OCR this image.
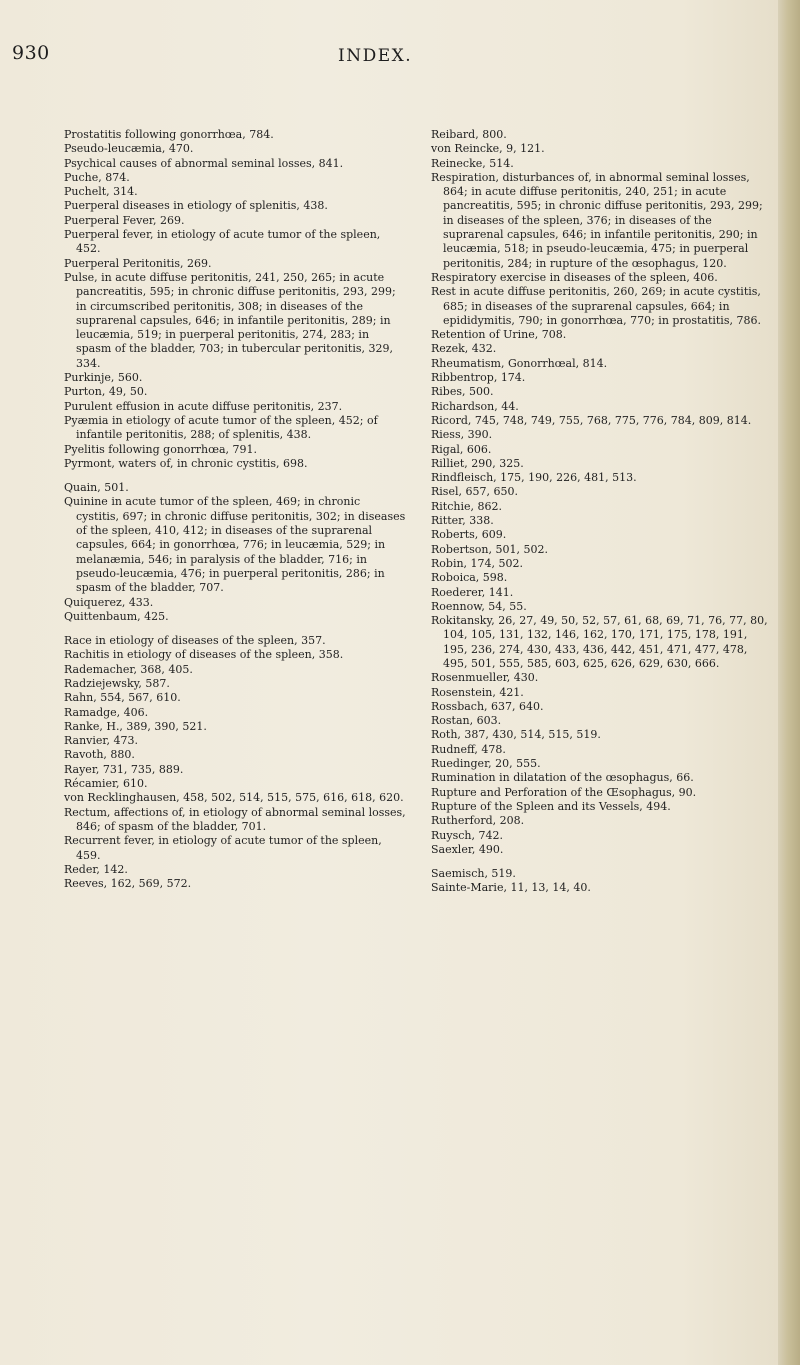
930	INDEX.
Prostatitis following gonorrhœa, 784.
Pseudo-leucæmia, 470.
Psychical causes of abnormal seminal losses, 841.
Puche, 874.
Puchelt, 314.
Puerperal diseases in etiology of splenitis, 438.
Puerperal Fever, 269.
Puerperal fever, in etiology of acute tumor of the spleen, 452.
Puerperal Peritonitis, 269.
Pulse, in acute diffuse peritonitis, 241, 250, 265; in acute pancreatitis, 595; in chronic diffuse peritonitis, 293, 299; in circumscribed peritonitis, 308; in diseases of the suprarenal capsules, 646; in infantile peritonitis, 289; in leucæmia, 519; in puerperal peritonitis, 274, 283; in spasm of the bladder, 703; in tubercular peritonitis, 329, 334.
Purkinje, 560.
Purton, 49, 50.
Purulent effusion in acute diffuse peritonitis, 237.
Pyæmia in etiology of acute tumor of the spleen, 452; of infantile peritonitis, 288; of splenitis, 438.
Pyelitis following gonorrhœa, 791.
Pyrmont, waters of, in chronic cystitis, 698.
Quain, 501.
Quinine in acute tumor of the spleen, 469; in chronic cystitis, 697; in chronic diffuse peritonitis, 302; in diseases of the spleen, 410, 412; in diseases of the suprarenal capsules, 664; in gonorrhœa, 776; in leucæmia, 529; in melanæmia, 546; in paralysis of the bladder, 716; in pseudo-leucæmia, 476; in puerperal peritonitis, 286; in spasm of the bladder, 707.
Quiquerez, 433.
Quittenbaum, 425.
Race in etiology of diseases of the spleen, 357.
Rachitis in etiology of diseases of the spleen, 358.
Rademacher, 368, 405.
Radziejewsky, 587.
Rahn, 554, 567, 610.
Ramadge, 406.
Ranke, H., 389, 390, 521.
Ranvier, 473.
Ravoth, 880.
Rayer, 731, 735, 889.
Récamier, 610.
von Recklinghausen, 458, 502, 514, 515, 575, 616, 618, 620.
Rectum, affections of, in etiology of abnormal seminal losses, 846; of spasm of the bladder, 701.
Recurrent fever, in etiology of acute tumor of the spleen, 459.
Reder, 142.
Reeves, 162, 569, 572.
Reibard, 800.
von Reincke, 9, 121.
Reinecke, 514.
Respiration, disturbances of, in abnormal seminal losses, 864; in acute diffuse peritonitis, 240, 251; in acute pancreatitis, 595; in chronic diffuse peritonitis, 293, 299; in diseases of the spleen, 376; in diseases of the suprarenal capsules, 646; in infantile peritonitis, 290; in leucæmia, 518; in pseudo-leucæmia, 475; in puerperal peritonitis, 284; in rupture of the œsophagus, 120.
Respiratory exercise in diseases of the spleen, 406.
Rest in acute diffuse peritonitis, 260, 269; in acute cystitis, 685; in diseases of the suprarenal capsules, 664; in epididymitis, 790; in gonorrhœa, 770; in prostatitis, 786.
Retention of Urine, 708.
Rezek, 432.
Rheumatism, Gonorrhœal, 814.
Ribbentrop, 174.
Ribes, 500.
Richardson, 44.
Ricord, 745, 748, 749, 755, 768, 775, 776, 784, 809, 814.
Riess, 390.
Rigal, 606.
Rilliet, 290, 325.
Rindfleisch, 175, 190, 226, 481, 513.
Risel, 657, 650.
Ritchie, 862.
Ritter, 338.
Roberts, 609.
Robertson, 501, 502.
Robin, 174, 502.
Roboica, 598.
Roederer, 141.
Roennow, 54, 55.
Rokitansky, 26, 27, 49, 50, 52, 57, 61, 68, 69, 71, 76, 77, 80, 104, 105, 131, 132, 146, 162, 170, 171, 175, 178, 191, 195, 236, 274, 430, 433, 436, 442, 451, 471, 477, 478, 495, 501, 555, 585, 603, 625, 626, 629, 630, 666.
Rosenmueller, 430.
Rosenstein, 421.
Rossbach, 637, 640.
Rostan, 603.
Roth, 387, 430, 514, 515, 519.
Rudneff, 478.
Ruedinger, 20, 555.
Rumination in dilatation of the œsophagus, 66.
Rupture and Perforation of the Œsophagus, 90.
Rupture of the Spleen and its Vessels, 494.
Rutherford, 208.
Ruysch, 742.
Saexler, 490.
Saemisch, 519.
Sainte-Marie, 11, 13, 14, 40.
